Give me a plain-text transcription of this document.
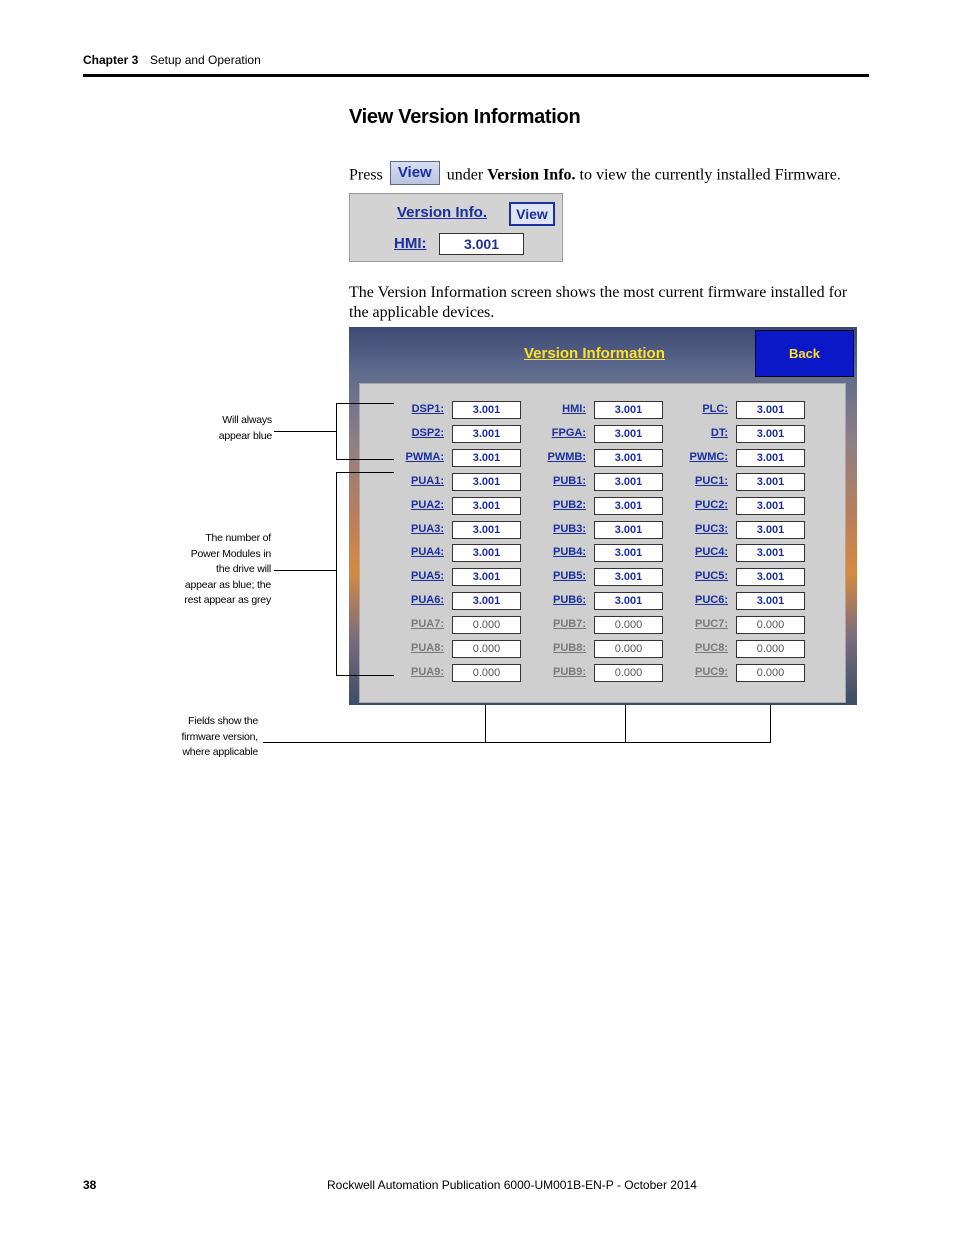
Chapter 3 Setup and Operation
View Version Information
Press View under Version Info. to view the currently installed Firmware.
Version Info.	View
HMI:	3.001
The Version Information screen shows the most current firmware installed for the applicable devices.
Version Information	Back
DSP1:	3.001	HMI:	3.001	PLC:	3.001
DSP2:	3.001	FPGA:	3.001	DT:	3.001
PWMA:	3.001	PWMB:	3.001	PWMC:	3.001
PUA1:	3.001	PUB1:	3.001	PUC1:	3.001
PUA2:	3.001	PUB2:	3.001	PUC2:	3.001
PUA3:	3.001	PUB3:	3.001	PUC3:	3.001
PUA4:	3.001	PUB4:	3.001	PUC4:	3.001
PUA5:	3.001	PUB5:	3.001	PUC5:	3.001
PUA6:	3.001	PUB6:	3.001	PUC6:	3.001
PUA7:	0.000	PUB7:	0.000	PUC7:	0.000
PUA8:	0.000	PUB8:	0.000	PUC8:	0.000
PUA9:	0.000	PUB9:	0.000	PUC9:	0.000
Will always
appear blue
The number of
Power Modules in
the drive will
appear as blue; the
rest appear as grey
Fields show the
firmware version,
where applicable
38	Rockwell Automation Publication 6000-UM001B-EN-P - October 2014
